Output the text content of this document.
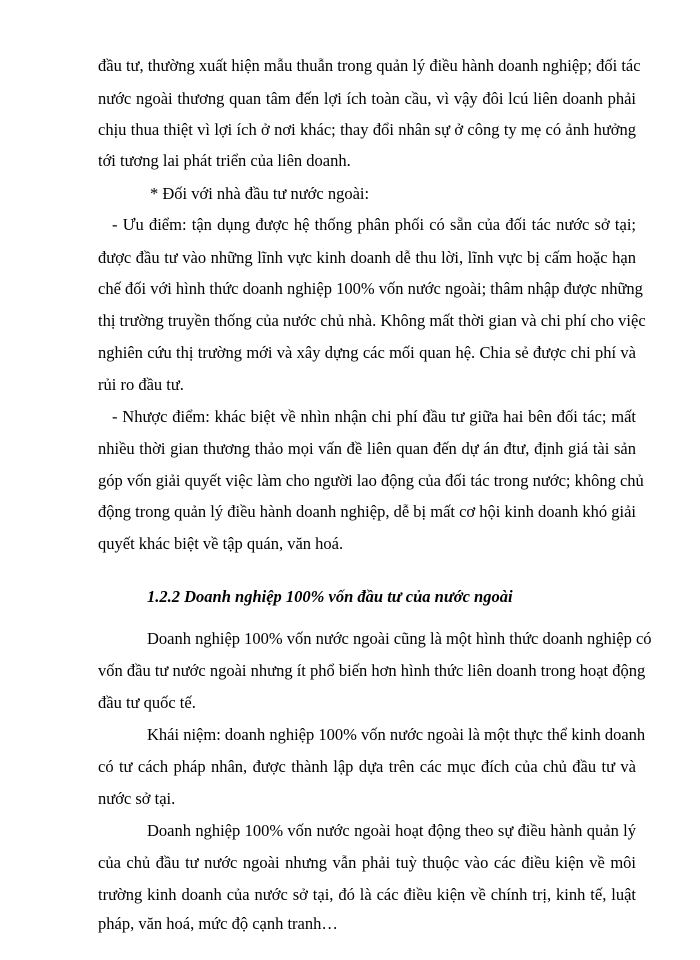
đầu tư, thường xuất hiện mẫu thuẫn trong quản lý điều hành doanh nghiệp; đối tác
nước ngoài thương quan tâm đến lợi ích toàn cầu, vì vậy đôi lcú liên doanh phải
chịu thua thiệt vì lợi ích ở nơi khác; thay đổi nhân sự ở công ty mẹ có ảnh hưởng
tới tương lai phát triển của liên doanh.
* Đối với nhà đầu tư nước ngoài:
- Ưu điểm: tận dụng được hệ thống phân phối có sẵn của đối tác nước sở tại;
được đầu tư vào những lĩnh vực kinh doanh dễ thu lời, lĩnh vực bị cấm hoặc hạn
chế đối với hình thức doanh nghiệp 100% vốn nước ngoài; thâm nhập được những
thị trường truyền thống của nước chủ nhà. Không mất thời gian và chi phí cho việc
nghiên cứu thị trường mới và xây dựng các mối quan hệ. Chia sẻ được chi phí và
rủi ro đầu tư.
- Nhược điểm: khác biệt về nhìn nhận chi phí đầu tư giữa hai bên đối tác; mất
nhiều thời gian thương thảo mọi vấn đề liên quan đến dự án đtư, định giá tài sản
góp vốn giải quyết việc làm cho người lao động của đối tác trong nước; không chủ
động trong quản lý điều hành doanh nghiệp, dễ bị mất cơ hội kinh doanh khó giải
quyết khác biệt về tập quán, văn hoá.
1.2.2 Doanh nghiệp 100% vốn đầu tư của nước ngoài
Doanh nghiệp 100% vốn nước ngoài cũng là một hình thức doanh nghiệp có
vốn đầu tư nước ngoài nhưng ít phổ biến hơn hình thức liên doanh trong hoạt động
đầu tư quốc tế.
Khái niệm: doanh nghiệp 100% vốn nước ngoài là một thực thể kinh doanh
có tư cách pháp nhân, được thành lập dựa trên các mục đích của chủ đầu tư và
nước sở tại.
Doanh nghiệp 100% vốn nước ngoài hoạt động theo sự điều hành quản lý
của chủ đầu tư nước ngoài nhưng vẫn phải tuỳ thuộc vào các điều kiện về môi
trường kinh doanh của nước sở tại, đó là các điều kiện về chính trị, kinh tế, luật
pháp, văn hoá, mức độ cạnh tranh…
